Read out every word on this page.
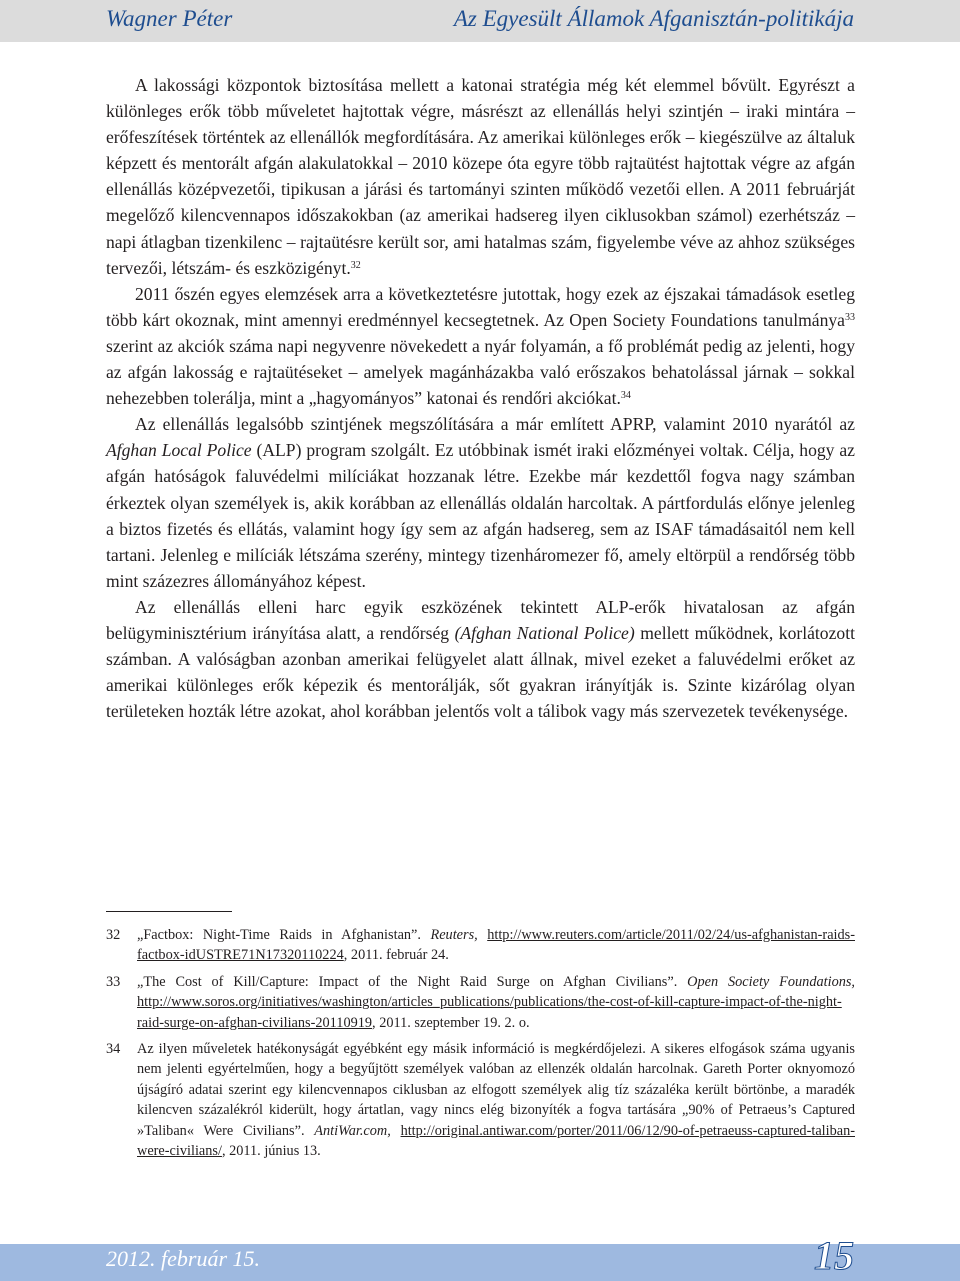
Wagner Péter	Az Egyesült Államok Afganisztán-politikája

A lakossági központok biztosítása mellett a katonai stratégia még két elemmel bővült. Egyrészt a különleges erők több műveletet hajtottak végre, másrészt az ellenállás helyi szintjén – iraki mintára – erőfeszítések történtek az ellenállók megfordítására. Az amerikai különleges erők – kiegészülve az általuk képzett és mentorált afgán alakulatokkal – 2010 közepe óta egyre több rajtaütést hajtottak végre az afgán ellenállás középvezetői, tipikusan a járási és tartományi szinten működő vezetői ellen. A 2011 februárját megelőző kilencvennapos időszakokban (az amerikai hadsereg ilyen ciklusokban számol) ezerhétszáz – napi átlagban tizenkilenc – rajtaütésre került sor, ami hatalmas szám, figyelembe véve az ahhoz szükséges tervezői, létszám- és eszközigényt.$^{32}$

2011 őszén egyes elemzések arra a következtetésre jutottak, hogy ezek az éjszakai támadások esetleg több kárt okoznak, mint amennyi eredménnyel kecsegtetnek. Az Open Society Foundations tanulmánya$^{33}$ szerint az akciók száma napi negyvenre növekedett a nyár folyamán, a fő problémát pedig az jelenti, hogy az afgán lakosság e rajtaütéseket – amelyek magánházakba való erőszakos behatolással járnak – sokkal nehezebben tolerálja, mint a „hagyományos” katonai és rendőri akciókat.$^{34}$

Az ellenállás legalsóbb szintjének megszólítására a már említett APRP, valamint 2010 nyarától az Afghan Local Police (ALP) program szolgált. Ez utóbbinak ismét iraki előzményei voltak. Célja, hogy az afgán hatóságok faluvédelmi milíciákat hozzanak létre. Ezekbe már kezdettől fogva nagy számban érkeztek olyan személyek is, akik korábban az ellenállás oldalán harcoltak. A pártfordulás előnye jelenleg a biztos fizetés és ellátás, valamint hogy így sem az afgán hadsereg, sem az ISAF támadásaitól nem kell tartani. Jelenleg e milíciák létszáma szerény, mintegy tizenháromezer fő, amely eltörpül a rendőrség több mint százezres állományához képest.

Az ellenállás elleni harc egyik eszközének tekintett ALP-erők hivatalosan az afgán belügyminisztérium irányítása alatt, a rendőrség (Afghan National Police) mellett működnek, korlátozott számban. A valóságban azonban amerikai felügyelet alatt állnak, mivel ezeket a faluvédelmi erőket az amerikai különleges erők képezik és mentorálják, sőt gyakran irányítják is. Szinte kizárólag olyan területeken hozták létre azokat, ahol korábban jelentős volt a tálibok vagy más szervezetek tevékenysége.

32	„Factbox: Night-Time Raids in Afghanistan”. Reuters, http://www.reuters.com/article/2011/02/24/us-afghanistan-raids-factbox-idUSTRE71N17320110224, 2011. február 24.
33	„The Cost of Kill/Capture: Impact of the Night Raid Surge on Afghan Civilians”. Open Society Foundations, http://www.soros.org/initiatives/washington/articles_publications/publications/the-cost-of-kill-capture-impact-of-the-night-raid-surge-on-afghan-civilians-20110919, 2011. szeptember 19. 2. o.
34	Az ilyen műveletek hatékonyságát egyébként egy másik információ is megkérdőjelezi. A sikeres elfogások száma ugyanis nem jelenti egyértelműen, hogy a begyűjtött személyek valóban az ellenzék oldalán harcolnak. Gareth Porter oknyomozó újságíró adatai szerint egy kilencvennapos ciklusban az elfogott személyek alig tíz százaléka került börtönbe, a maradék kilencven százalékról kiderült, hogy ártatlan, vagy nincs elég bizonyíték a fogva tartására „90% of Petraeus’s Captured »Taliban« Were Civilians”. AntiWar.com, http://original.antiwar.com/porter/2011/06/12/90-of-petraeuss-captured-taliban-were-civilians/, 2011. június 13.
2012. február 15.	15
